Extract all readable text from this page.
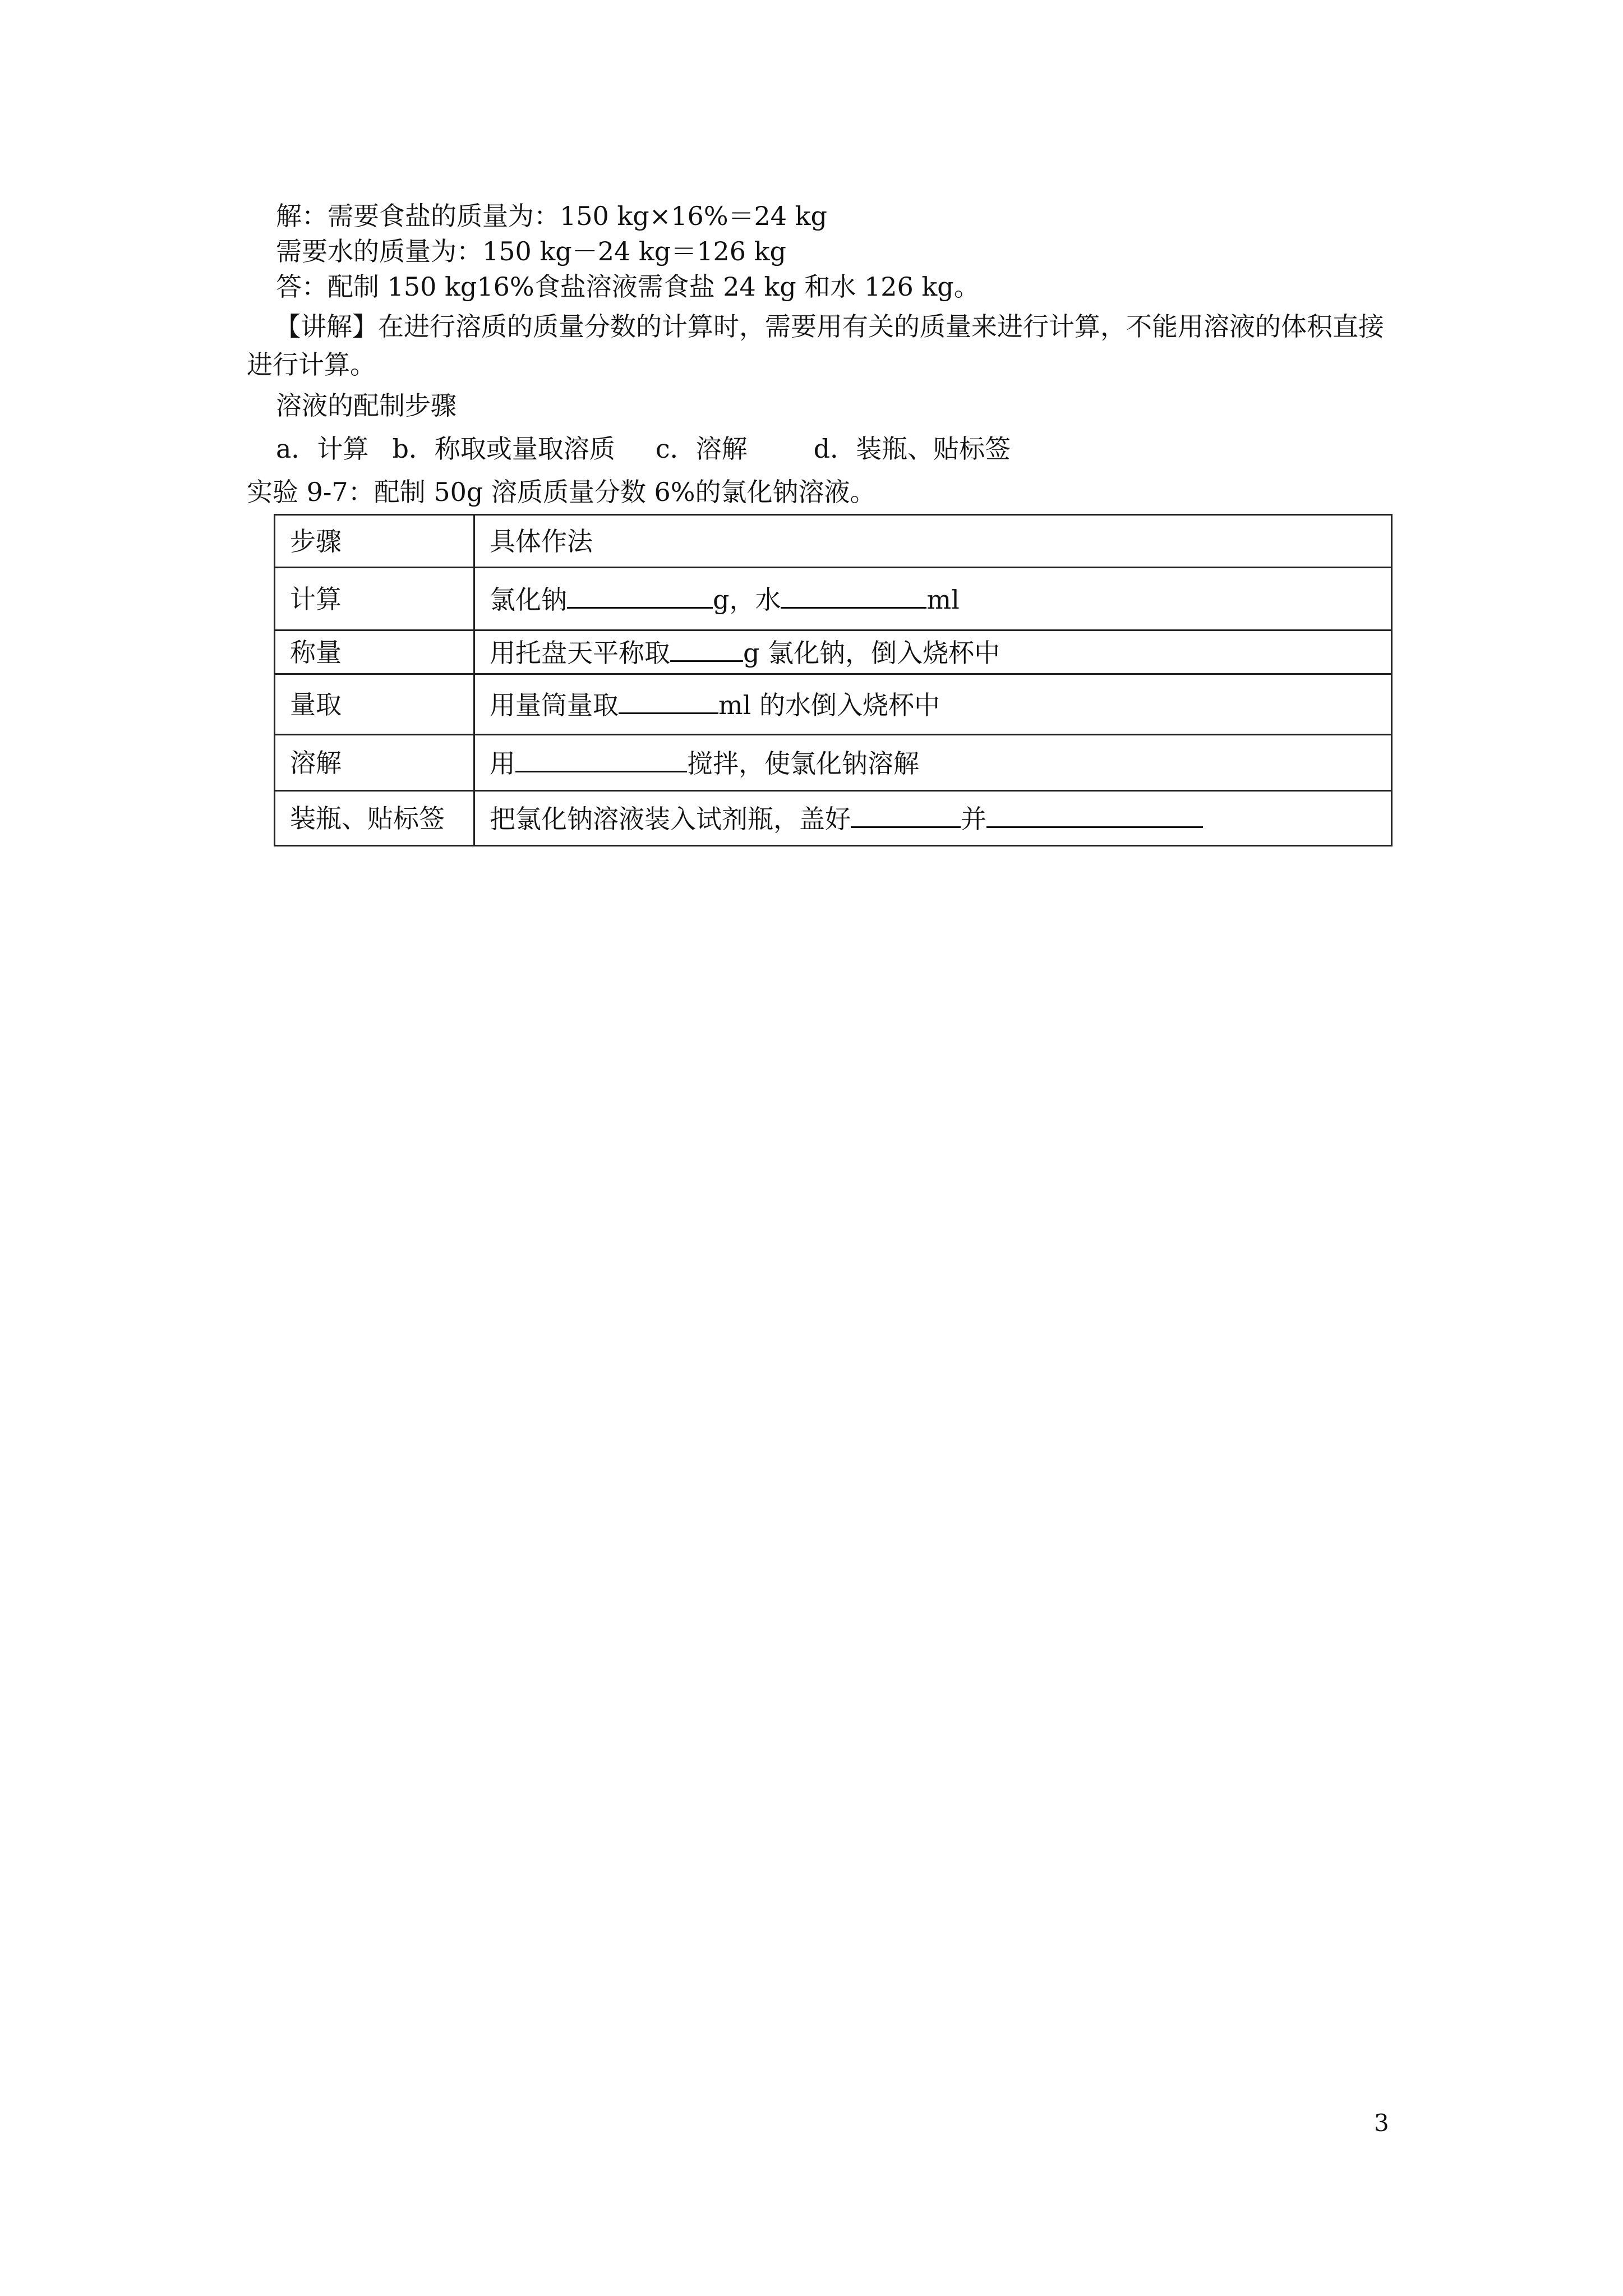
解：需要食盐的质量为：150 kg×16%＝24 kg
需要水的质量为：150 kg－24 kg＝126 kg
答：配制 150 kg16%食盐溶液需食盐 24 kg 和水 126 kg。
【讲解】在进行溶质的质量分数的计算时，需要用有关的质量来进行计算，不能用溶液的体积直接进行计算。
溶液的配制步骤
a．计算 b．称取或量取溶质 c．溶解	d．装瓶、贴标签
实验 9-7：配制 50g 溶质质量分数 6%的氯化钠溶液。
步骤	具体作法
计算	氯化钠 g，水 ml
称量	用托盘天平称取 g 氯化钠，倒入烧杯中
量取	用量筒量取 ml 的水倒入烧杯中
溶解	用 搅拌，使氯化钠溶解
装瓶、贴标签	把氯化钠溶液装入试剂瓶，盖好 并
3
